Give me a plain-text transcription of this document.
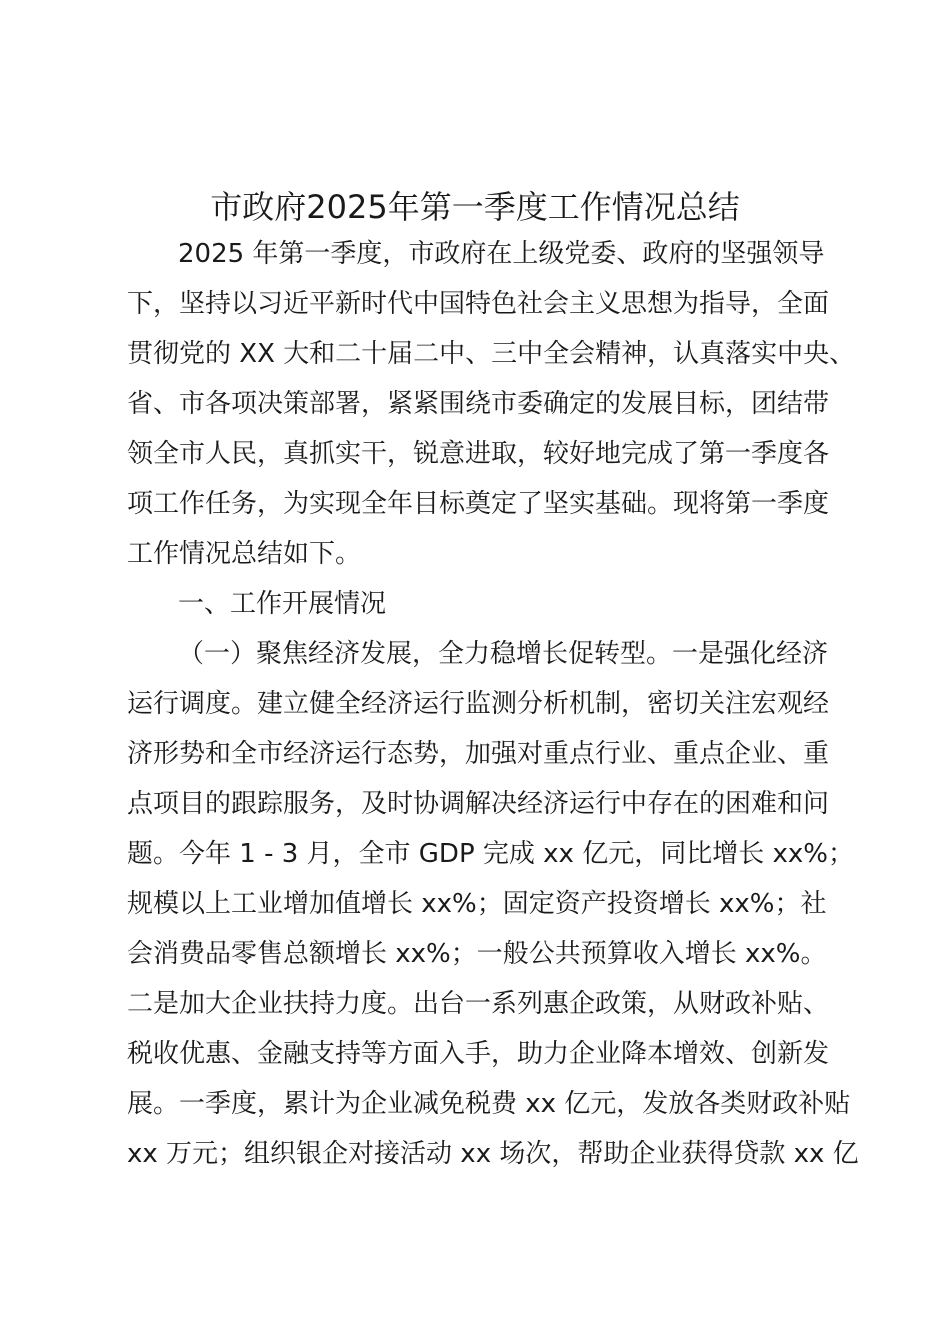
市政府2025年第一季度工作情况总结

2025 年第一季度，市政府在上级党委、政府的坚强领导

下，坚持以习近平新时代中国特色社会主义思想为指导，全面

贯彻党的 XX 大和二十届二中、三中全会精神，认真落实中央、

省、市各项决策部署，紧紧围绕市委确定的发展目标，团结带

领全市人民，真抓实干，锐意进取，较好地完成了第一季度各

项工作任务，为实现全年目标奠定了坚实基础。现将第一季度

工作情况总结如下。

一、工作开展情况

（一）聚焦经济发展，全力稳增长促转型。一是强化经济

运行调度。建立健全经济运行监测分析机制，密切关注宏观经

济形势和全市经济运行态势，加强对重点行业、重点企业、重

点项目的跟踪服务，及时协调解决经济运行中存在的困难和问

题。今年 1 - 3 月，全市 GDP 完成 xx 亿元，同比增长 xx%；

规模以上工业增加值增长 xx%；固定资产投资增长 xx%；社

会消费品零售总额增长 xx%；一般公共预算收入增长 xx%。

二是加大企业扶持力度。出台一系列惠企政策，从财政补贴、

税收优惠、金融支持等方面入手，助力企业降本增效、创新发

展。一季度，累计为企业减免税费 xx 亿元，发放各类财政补贴

xx 万元；组织银企对接活动 xx 场次，帮助企业获得贷款 xx 亿
